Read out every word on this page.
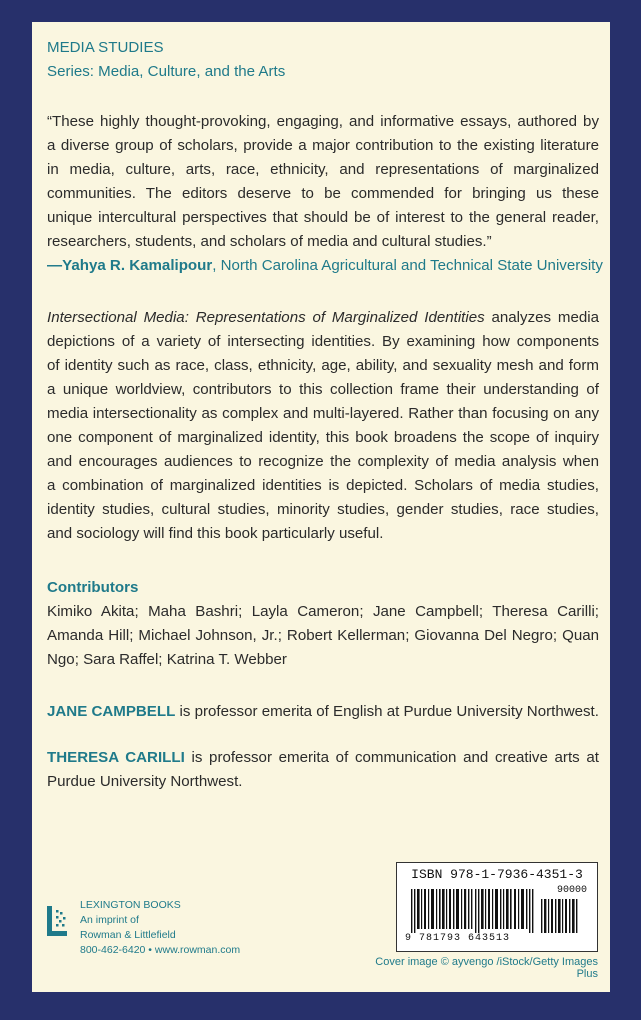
MEDIA STUDIES
Series: Media, Culture, and the Arts
“These highly thought-provoking, engaging, and informative essays, authored by
a diverse group of scholars, provide a major contribution to the existing literature
in media, culture, arts, race, ethnicity, and representations of marginalized
communities. The editors deserve to be commended for bringing us these
unique intercultural perspectives that should be of interest to the general reader,
researchers, students, and scholars of media and cultural studies.”
—Yahya R. Kamalipour, North Carolina Agricultural and Technical State University
Intersectional Media: Representations of Marginalized Identities analyzes media
depictions of a variety of intersecting identities. By examining how components
of identity such as race, class, ethnicity, age, ability, and sexuality mesh and form
a unique worldview, contributors to this collection frame their understanding of
media intersectionality as complex and multi-layered. Rather than focusing on any
one component of marginalized identity, this book broadens the scope of inquiry
and encourages audiences to recognize the complexity of media analysis when
a combination of marginalized identities is depicted. Scholars of media studies,
identity studies, cultural studies, minority studies, gender studies, race studies,
and sociology will find this book particularly useful.
Contributors
Kimiko Akita; Maha Bashri; Layla Cameron; Jane Campbell; Theresa Carilli;
Amanda Hill; Michael Johnson, Jr.; Robert Kellerman; Giovanna Del Negro; Quan
Ngo; Sara Raffel; Katrina T. Webber
JANE CAMPBELL is professor emerita of English at Purdue University Northwest.
THERESA CARILLI is professor emerita of communication and creative arts at
Purdue University Northwest.
LEXINGTON BOOKS
An imprint of
Rowman & Littlefield
800-462-6420 • www.rowman.com
ISBN 978-1-7936-4351-3
9 781793 643513
90000
Cover image © ayvengo /iStock/Getty Images Plus
